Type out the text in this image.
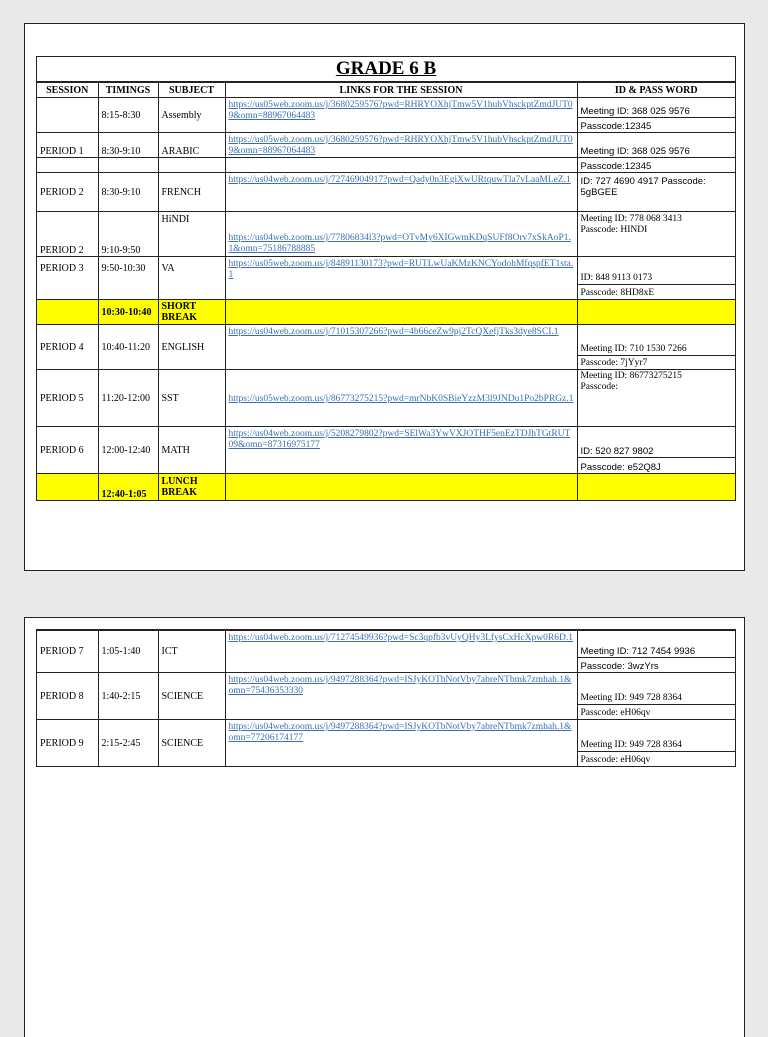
GRADE 6 B
SESSION	TIMINGS	SUBJECT	LINKS FOR THE SESSION	ID & PASS WORD
	8:15-8:30	Assembly	https://us05web.zoom.us/j/3680259576?pwd=RHRYOXhjTmw5V1hubVhsckptZmdJUT09&omn=88967064483	Meeting ID: 368 025 9576
				Passcode:12345
PERIOD 1	8:30-9:10	ARABIC	https://us05web.zoom.us/j/3680259576?pwd=RHRYOXhjTmw5V1hubVhsckptZmdJUT09&omn=88967064483	Meeting ID: 368 025 9576
				Passcode:12345
PERIOD 2	8:30-9:10	FRENCH	https://us04web.zoom.us/j/72746904917?pwd=Qady0n3EgiXwURtquwTla7vLaaMLeZ.1	ID: 727 4690 4917 Passcode: 5gBGEE
PERIOD 2	9:10-9:50	HiNDI	https://us04web.zoom.us/j/77806834l3?pwd=OTvMy6XIGwmKDqSUFf8Orv7xSkAoP1.1&omn=75186788885	Meeting ID: 778 068 3413
Passcode: HINDI

PERIOD 3	9:50-10:30	VA	https://us05web.zoom.us/j/84891130173?pwd=RUTLwUaKMzKNCYodohMfqspfET1sta.1	ID: 848 9113 0173
				Passcode: 8HD8xE
	10:30-10:40	SHORT BREAK		
PERIOD 4	10:40-11:20	ENGLISH	https://us04web.zoom.us/j/71015307266?pwd=4b66ceZw9pj2TcQXefjTks3dye8SCI.1	Meeting ID: 710 1530 7266
				Passcode: 7jYyr7
PERIOD 5	11:20-12:00	SST	https://us05web.zoom.us/j/86773275215?pwd=mrNbK0SBieYzzM3l9JNDu1Po2bPRGz.1	Meeting ID: 86773275215
Passcode:

PERIOD 6	12:00-12:40	MATH	https://us04web.zoom.us/j/5208279802?pwd=SElWa3YwVXJOTHF5enEzTDJhTGtRUT09&omn=87316975177	ID: 520 827 9802
				Passcode: e52Q8J
	12:40-1:05	LUNCH BREAK		
PERIOD 7	1:05-1:40	ICT	https://us04web.zoom.us/j/71274549936?pwd=Sc3qpfb3vUyQHy3LfysCxHcXpw0R6D.1	Meeting ID: 712 7454 9936
				Passcode: 3wzYrs
PERIOD 8	1:40-2:15	SCIENCE	https://us04web.zoom.us/j/9497288364?pwd=ISJyKOTbNotVby7abreNTbmk7zmhah.1&omn=75436353330	Meeting ID: 949 728 8364
				Passcode: eH06qv
PERIOD 9	2:15-2:45	SCIENCE	https://us04web.zoom.us/j/9497288364?pwd=ISJyKOTbNotVby7abreNTbmk7zmhah.1&omn=77206174177	Meeting ID: 949 728 8364
				Passcode: eH06qv
